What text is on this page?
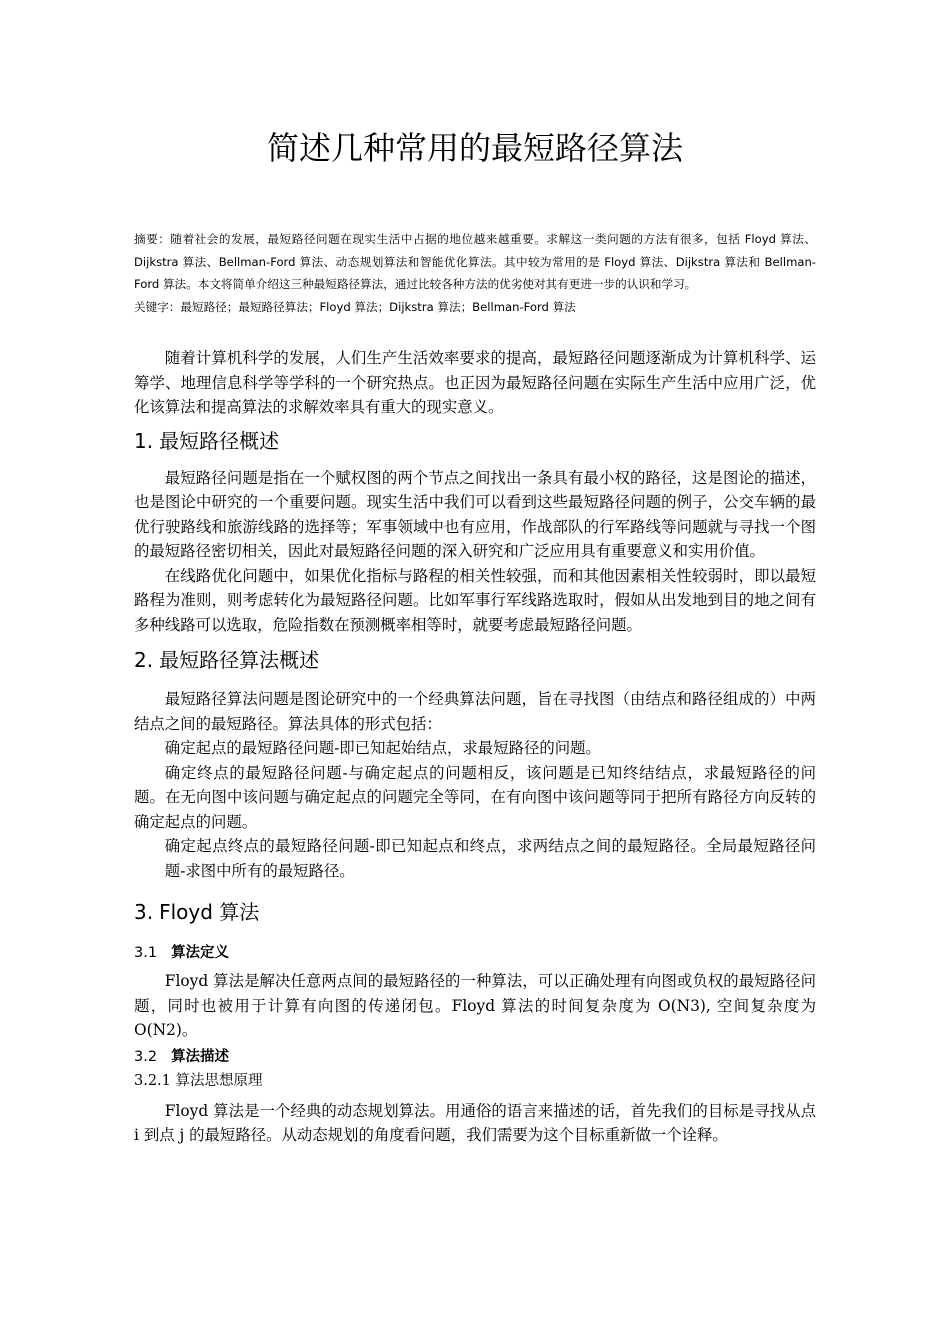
简述几种常用的最短路径算法

摘要：随着社会的发展，最短路径问题在现实生活中占据的地位越来越重要。求解这一类问题的方法有很多，包括 Floyd 算法、Dijkstra 算法、Bellman-Ford 算法、动态规划算法和智能优化算法。其中较为常用的是 Floyd 算法、Dijkstra 算法和 Bellman-Ford 算法。本文将简单介绍这三种最短路径算法，通过比较各种方法的优劣使对其有更进一步的认识和学习。

关键字：最短路径；最短路径算法；Floyd 算法；Dijkstra 算法；Bellman-Ford 算法

随着计算机科学的发展，人们生产生活效率要求的提高，最短路径问题逐渐成为计算机科学、运筹学、地理信息科学等学科的一个研究热点。也正因为最短路径问题在实际生产生活中应用广泛，优化该算法和提高算法的求解效率具有重大的现实意义。

1. 最短路径概述

最短路径问题是指在一个赋权图的两个节点之间找出一条具有最小权的路径，这是图论的描述，也是图论中研究的一个重要问题。现实生活中我们可以看到这些最短路径问题的例子，公交车辆的最优行驶路线和旅游线路的选择等；军事领域中也有应用，作战部队的行军路线等问题就与寻找一个图的最短路径密切相关，因此对最短路径问题的深入研究和广泛应用具有重要意义和实用价值。

在线路优化问题中，如果优化指标与路程的相关性较强，而和其他因素相关性较弱时，即以最短路程为准则，则考虑转化为最短路径问题。比如军事行军线路选取时，假如从出发地到目的地之间有多种线路可以选取，危险指数在预测概率相等时，就要考虑最短路径问题。

2. 最短路径算法概述

最短路径算法问题是图论研究中的一个经典算法问题，旨在寻找图（由结点和路径组成的）中两结点之间的最短路径。算法具体的形式包括：

确定起点的最短路径问题-即已知起始结点，求最短路径的问题。

确定终点的最短路径问题-与确定起点的问题相反，该问题是已知终结结点，求最短路径的问题。在无向图中该问题与确定起点的问题完全等同，在有向图中该问题等同于把所有路径方向反转的确定起点的问题。

确定起点终点的最短路径问题-即已知起点和终点，求两结点之间的最短路径。全局最短路径问题-求图中所有的最短路径。

3. Floyd 算法
3.1 算法定义

Floyd 算法是解决任意两点间的最短路径的一种算法，可以正确处理有向图或负权的最短路径问题，同时也被用于计算有向图的传递闭包。Floyd 算法的时间复杂度为 O(N3), 空间复杂度为 O(N2)。

3.2 算法描述
3.2.1 算法思想原理

Floyd 算法是一个经典的动态规划算法。用通俗的语言来描述的话，首先我们的目标是寻找从点 i 到点 j 的最短路径。从动态规划的角度看问题，我们需要为这个目标重新做一个诠释。
